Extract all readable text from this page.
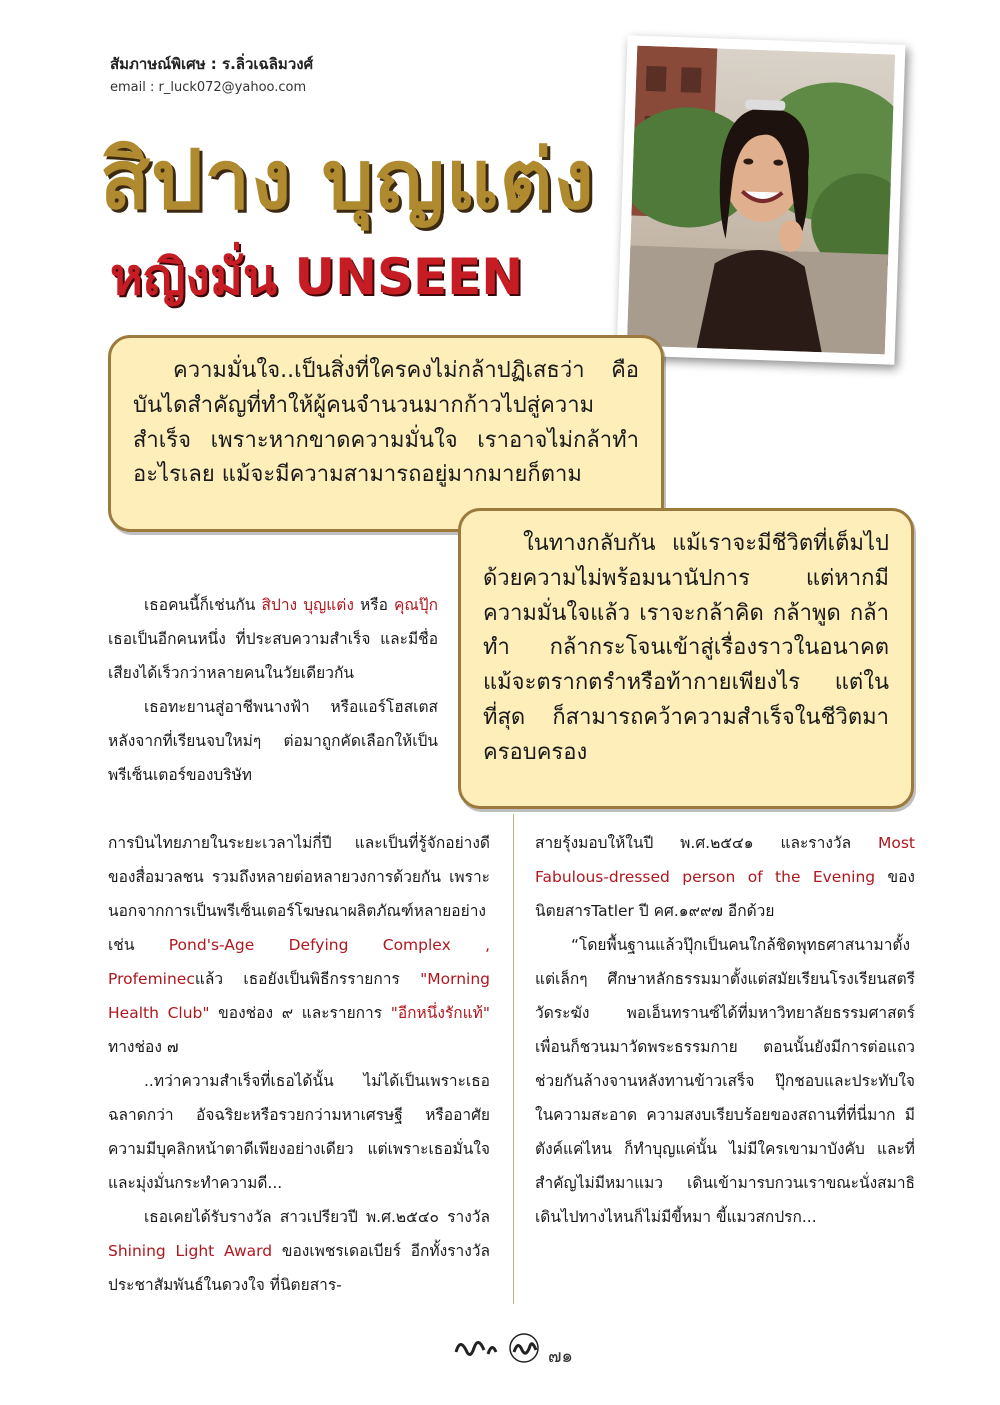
สัมภาษณ์พิเศษ : ร.ลิ่วเฉลิมวงศ์
email : r_luck072@yahoo.com
สิปาง บุญแต่ง
หญิงมั่น UNSEEN

ความมั่นใจ..เป็นสิ่งที่ใครคงไม่กล้าปฏิเสธว่า คือบันไดสำคัญที่ทำให้ผู้คนจำนวนมากก้าวไปสู่ความสำเร็จ เพราะหากขาดความมั่นใจ เราอาจไม่กล้าทำอะไรเลย แม้จะมีความสามารถอยู่มากมายก็ตาม

เธอคนนี้ก็เช่นกัน สิปาง บุญแต่ง หรือ คุณปุ๊ก เธอเป็นอีกคนหนึ่ง ที่ประสบความสำเร็จ และมีชื่อเสียงได้เร็วกว่าหลายคนในวัยเดียวกัน

เธอทะยานสู่อาชีพนางฟ้า หรือแอร์โฮสเตสหลังจากที่เรียนจบใหม่ๆ ต่อมาถูกคัดเลือกให้เป็นพรีเซ็นเตอร์ของบริษัท

ในทางกลับกัน แม้เราจะมีชีวิตที่เต็มไปด้วยความไม่พร้อมนานัปการ แต่หากมีความมั่นใจแล้ว เราจะกล้าคิด กล้าพูด กล้าทำ กล้ากระโจนเข้าสู่เรื่องราวในอนาคต แม้จะตรากตรำหรือท้ากายเพียงไร แต่ในที่สุด ก็สามารถคว้าความสำเร็จในชีวิตมาครอบครอง

การบินไทยภายในระยะเวลาไม่กี่ปี และเป็นที่รู้จักอย่างดี ของสื่อมวลชน รวมถึงหลายต่อหลายวงการด้วยกัน เพราะนอกจากการเป็นพรีเซ็นเตอร์โฆษณาผลิตภัณฑ์หลายอย่างเช่น Pond's-Age Defying Complex , Profeminecแล้ว เธอยังเป็นพิธีกรรายการ "Morning Health Club" ของช่อง ๙ และรายการ "อีกหนึ่งรักแท้" ทางช่อง ๗

..ทว่าความสำเร็จที่เธอได้นั้น ไม่ได้เป็นเพราะเธอฉลาดกว่า อัจฉริยะหรือรวยกว่ามหาเศรษฐี หรืออาศัยความมีบุคลิกหน้าตาดีเพียงอย่างเดียว แต่เพราะเธอมั่นใจ และมุ่งมั่นกระทำความดี...

เธอเคยได้รับรางวัล สาวเปรียวปี พ.ศ.๒๕๔๐ รางวัล Shining Light Award ของเพชรเดอเบียร์ อีกทั้งรางวัลประชาสัมพันธ์ในดวงใจ ที่นิตยสาร-

สายรุ้งมอบให้ในปี พ.ศ.๒๕๔๑ และรางวัล Most Fabulous-dressed person of the Evening ของนิตยสารTatler ปี คศ.๑๙๙๗ อีกด้วย

“โดยพื้นฐานแล้วปุ๊กเป็นคนใกล้ชิดพุทธศาสนามาตั้งแต่เล็กๆ ศึกษาหลักธรรมมาตั้งแต่สมัยเรียนโรงเรียนสตรีวัดระฆัง พอเอ็นทรานซ์ได้ที่มหาวิทยาลัยธรรมศาสตร์ เพื่อนก็ชวนมาวัดพระธรรมกาย ตอนนั้นยังมีการต่อแถวช่วยกันล้างจานหลังทานข้าวเสร็จ ปุ๊กชอบและประทับใจในความสะอาด ความสงบเรียบร้อยของสถานที่ที่นี่มาก มีตังค์แค่ไหน ก็ทำบุญแค่นั้น ไม่มีใครเขามาบังคับ และที่สำคัญไม่มีหมาแมว เดินเข้ามารบกวนเราขณะนั่งสมาธิ เดินไปทางไหนก็ไม่มีขี้หมา ขี้แมวสกปรก...

๗๑
